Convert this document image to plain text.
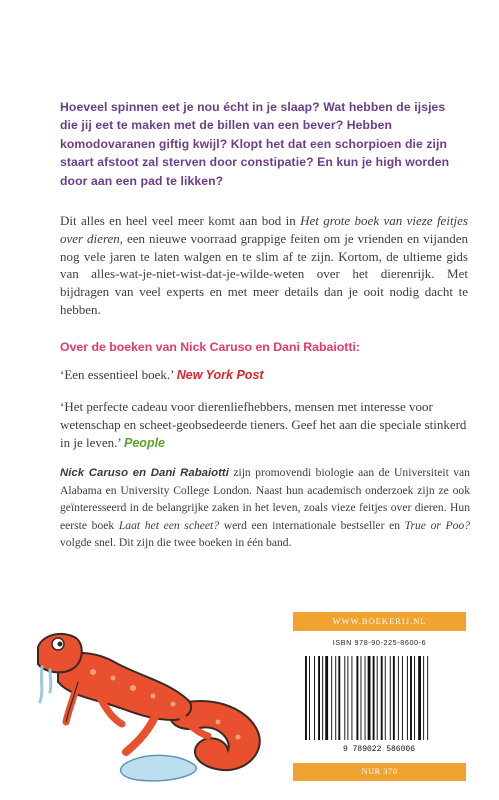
Hoeveel spinnen eet je nou écht in je slaap? Wat hebben de ijsjes die jij eet te maken met de billen van een bever? Hebben komodovaranen giftig kwijl? Klopt het dat een schorpioen die zijn staart afstoot zal sterven door constipatie? En kun je high worden door aan een pad te likken?

Dit alles en heel veel meer komt aan bod in Het grote boek van vieze feitjes over dieren, een nieuwe voorraad grappige feiten om je vrienden en vijanden nog vele jaren te laten walgen en te slim af te zijn. Kortom, de ultieme gids van alles-wat-je-niet-wist-dat-je-wilde-weten over het dierenrijk. Met bijdragen van veel experts en met meer details dan je ooit nodig dacht te hebben.

Over de boeken van Nick Caruso en Dani Rabaiotti:

‘Een essentieel boek.’ New York Post

‘Het perfecte cadeau voor dierenliefhebbers, mensen met interesse voor wetenschap en scheet-geobsedeerde tieners. Geef het aan die speciale stinkerd in je leven.’ People

Nick Caruso en Dani Rabaiotti zijn promovendi biologie aan de Universiteit van Alabama en University College London. Naast hun academisch onderzoek zijn ze ook geïnteresseerd in de belangrijke zaken in het leven, zoals vieze feitjes over dieren. Hun eerste boek Laat het een scheet? werd een internationale bestseller en True or Poo? volgde snel. Dit zijn die twee boeken in één band.

WWW.BOEKERIJ.NL
ISBN 978-90-225-8600-6
9 789022 586006
NUR 370
